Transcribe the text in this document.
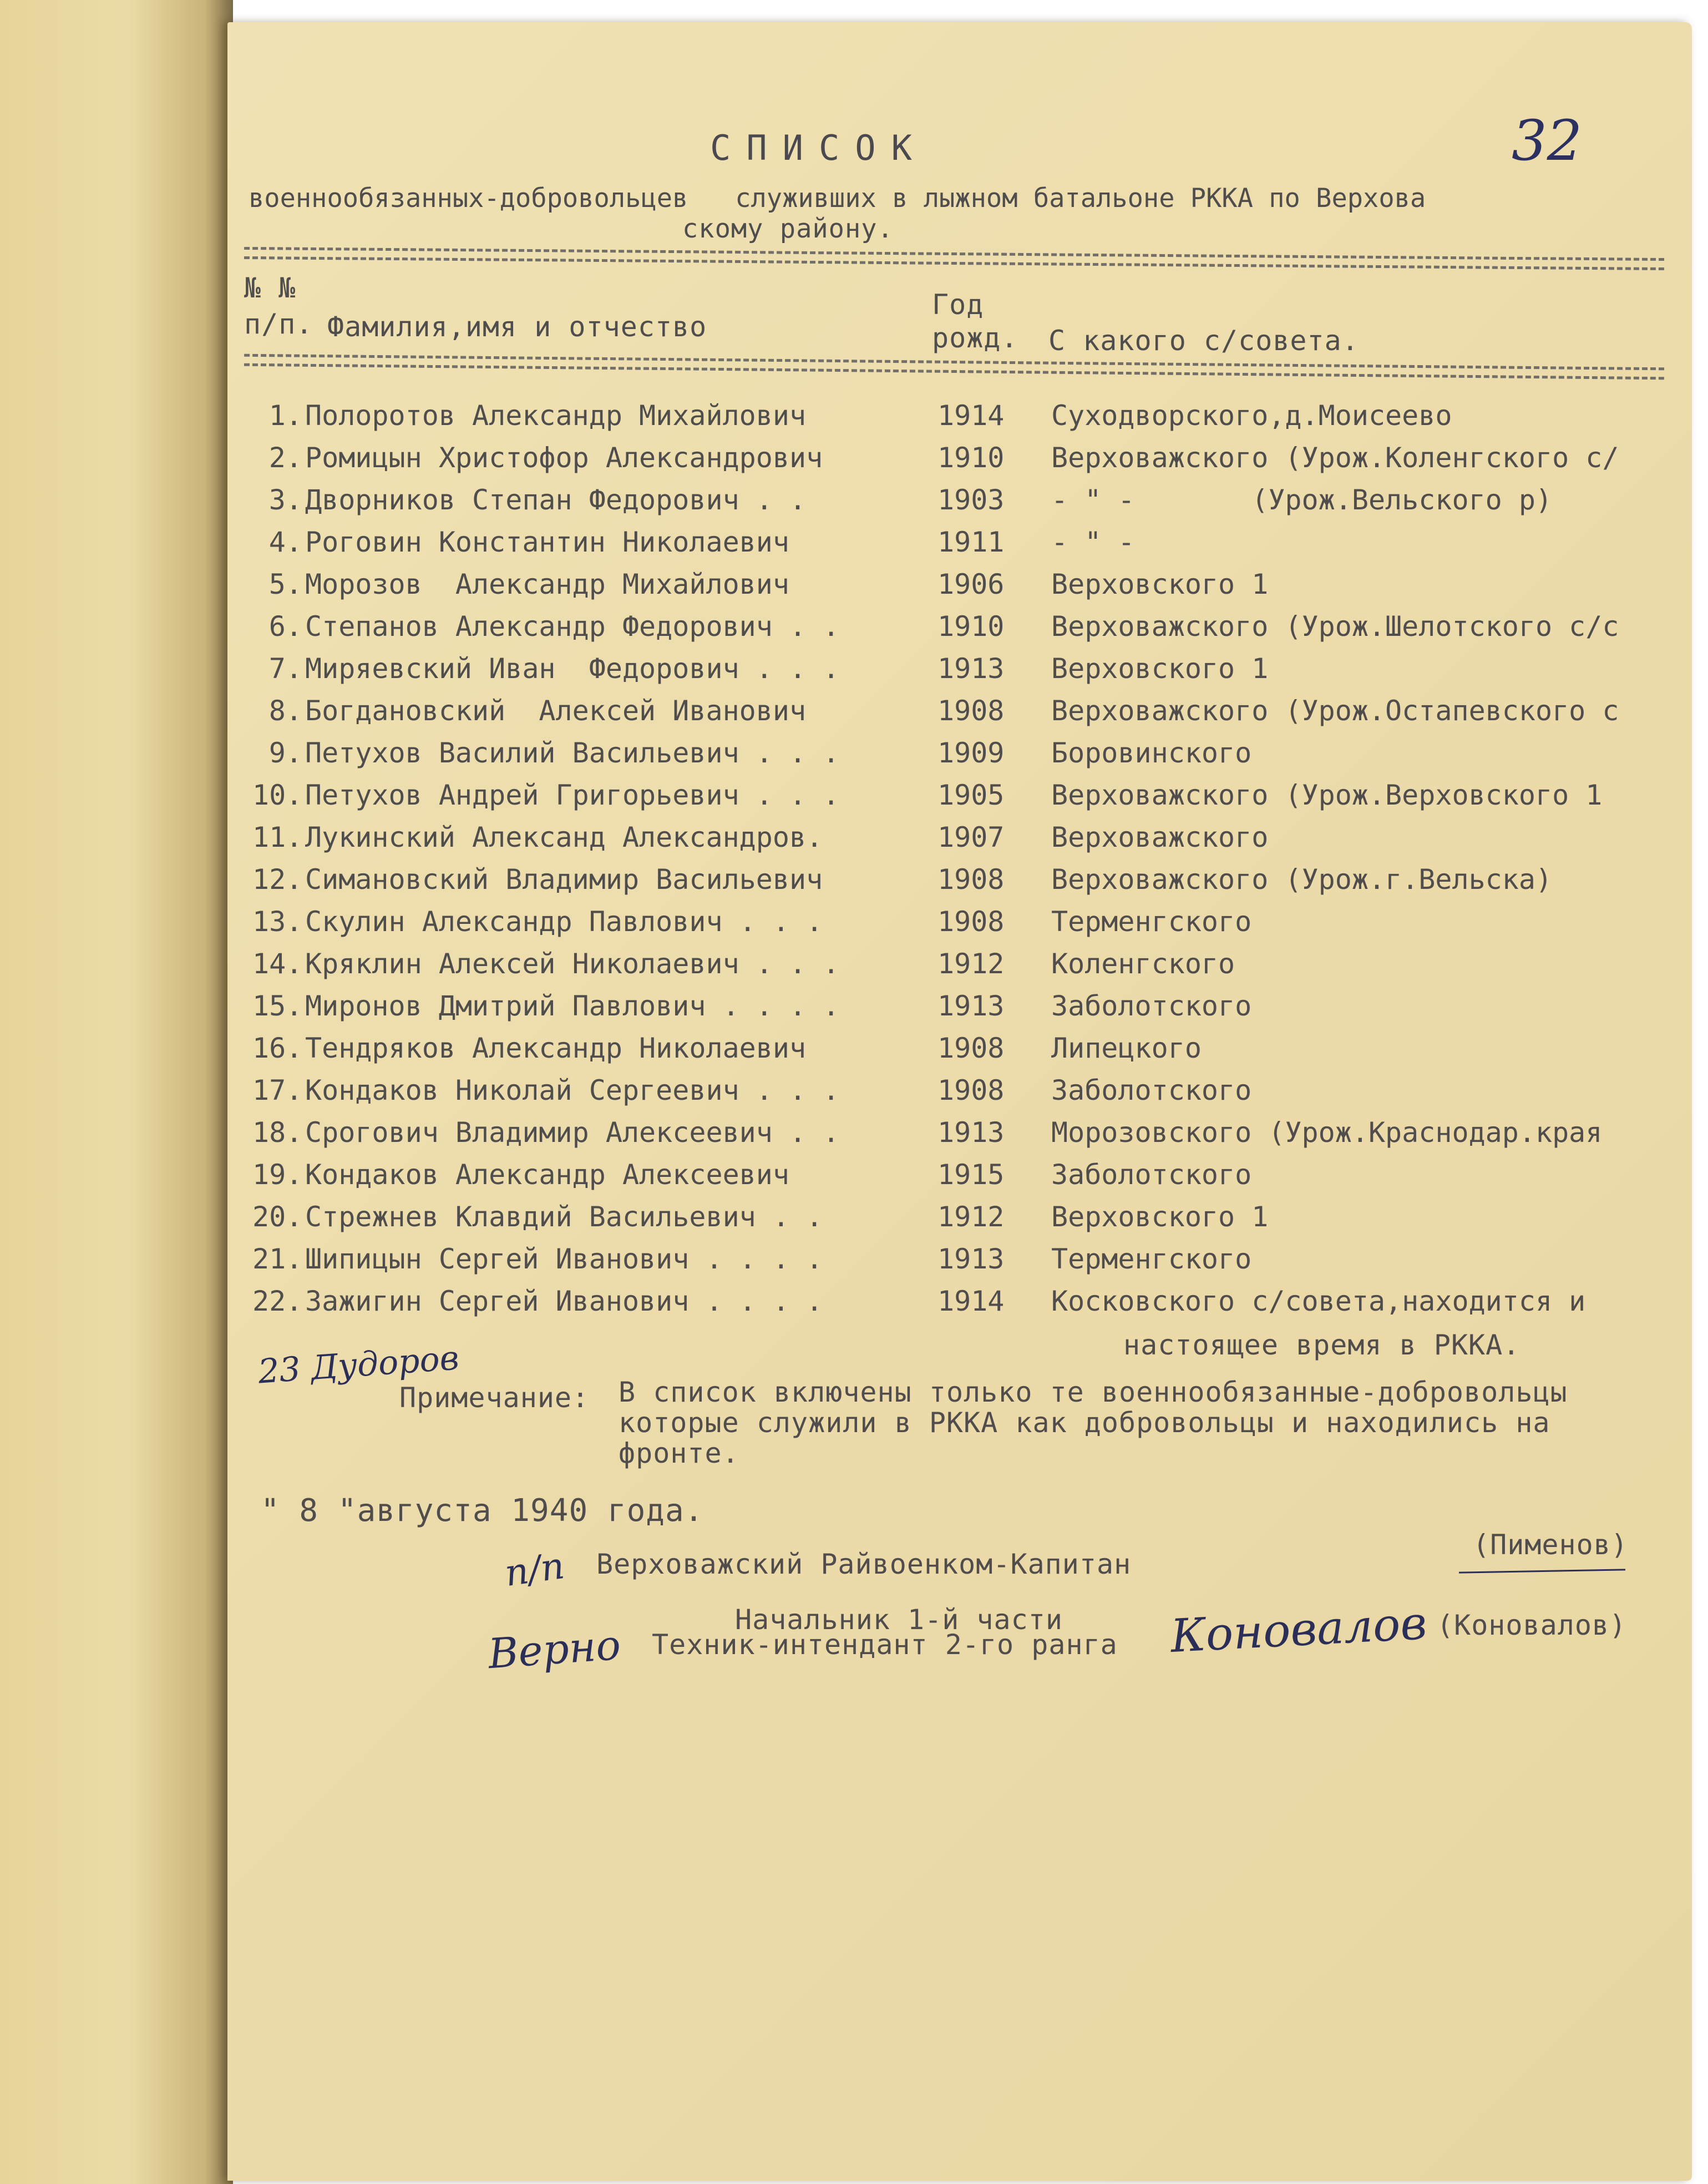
32
СПИСОК
военнообязанных-добровольцев   служивших в лыжном батальоне РККА по Верхова
скому району.
№ №
п/п. Фамилия,имя и отчество
Год
рожд. С какого с/совета.
1. Полоротов Александр Михайлович	1914 Суходворского,д.Моисеево
2. Ромицын Христофор Александрович	1910 Верховажского (Урож.Коленгского с/
3. Дворников Степан Федорович . .	1903 - " -       (Урож.Вельского р)
4. Роговин Константин Николаевич	1911 - " -
5. Морозов  Александр Михайлович	1906 Верховского 1
6. Степанов Александр Федорович . .	1910 Верховажского (Урож.Шелотского с/с
7. Миряевский Иван  Федорович . . .	1913 Верховского 1
8. Богдановский  Алексей Иванович	1908 Верховажского (Урож.Остапевского с
9. Петухов Василий Васильевич . . .	1909 Боровинского
10. Петухов Андрей Григорьевич . . .	1905 Верховажского (Урож.Верховского 1
11. Лукинский Александ Александров.	1907 Верховажского
12. Симановский Владимир Васильевич	1908 Верховажского (Урож.г.Вельска)
13. Скулин Александр Павлович . . .	1908 Терменгского
14. Кряклин Алексей Николаевич . . .	1912 Коленгского
15. Миронов Дмитрий Павлович . . . .	1913 Заболотского
16. Тендряков Александр Николаевич	1908 Липецкого
17. Кондаков Николай Сергеевич . . .	1908 Заболотского
18. Срогович Владимир Алексеевич . .	1913 Морозовского (Урож.Краснодар.края
19. Кондаков Александр Алексеевич	1915 Заболотского
20. Стрежнев Клавдий Васильевич . .	1912 Верховского 1
21. Шипицын Сергей Иванович . . . .	1913 Терменгского
22. Зажигин Сергей Иванович . . . .	1914 Косковского с/совета,находится и
настоящее время в РККА.
23 Дудоров
Примечание: В список включены только те военнообязанные-добровольцы
которые служили в РККА как добровольцы и находились на
фронте.
" 8 "августа 1940 года.
п/п Верховажский Райвоенком-Капитан
(Пименов)
Начальник 1-й части
Верно Техник-интендант 2-го ранга Коновалов (Коновалов)
